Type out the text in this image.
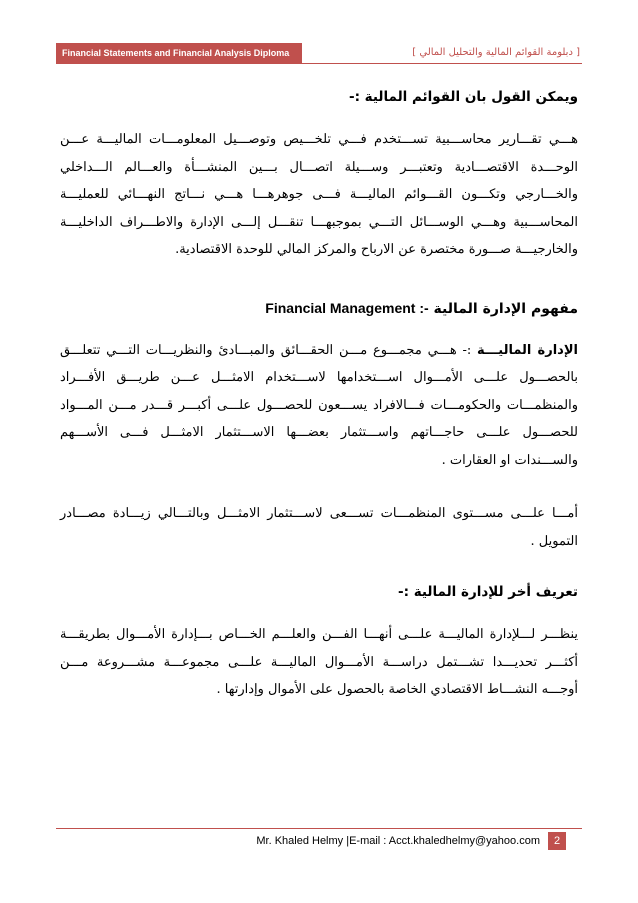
Financial Statements and Financial Analysis Diploma	[ دبلومة القوائم المالية والتحليل المالي ]
ويمكن القول بان القوائم المالية :-

هـــي تقـــارير محاســـبية تســـتخدم فـــي تلخـــيص وتوصـــيل المعلومـــات الماليـــة عـــن الوحـــدة الاقتصـــادية وتعتبـــر وســـيلة اتصـــال بـــين المنشـــأة والعـــالم الـــداخلي والخـــارجي وتكـــون القـــوائم الماليـــة فـــى جوهرهـــا هـــي نـــاتج النهـــائي للعمليـــة المحاســـبية وهـــي الوســـائل التـــي بموجبهـــا تنقـــل إلـــى الإدارة والاطـــراف الداخليـــة والخارجيـــة صـــورة مختصرة عن الارباح والمركز المالي للوحدة الاقتصادية.

مفهوم الإدارة المالية Financial Management :-

الإدارة الماليـــة :- هـــي مجمـــوع مـــن الحقـــائق والمبـــادئ والنظريـــات التـــي تتعلـــق بالحصـــول علـــى الأمـــوال اســـتخدامها لاســـتخدام الامثـــل عـــن طريـــق الأفـــراد والمنظمـــات والحكومـــات فـــالافراد يســـعون للحصـــول علـــى أكبـــر قـــدر مـــن المـــواد للحصـــول علـــى حاجـــاتهم واســـتثمار بعضـــها الاســـتثمار الامثـــل فـــى الأســـهم والســـندات او العقارات .

أمـــا علـــى مســـتوى المنظمـــات تســـعى لاســـتثمار الامثـــل وبالتـــالي زيـــادة مصـــادر التمويل .

تعريف أخر للإدارة المالية :-

ينظـــر لـــلإدارة الماليـــة علـــى أنهـــا الفـــن والعلـــم الخـــاص بـــإدارة الأمـــوال بطريقـــة أكثـــر تحديـــدا تشـــتمل دراســـة الأمـــوال الماليـــة علـــى مجموعـــة مشـــروعة مـــن أوجـــه النشـــاط الاقتصادي الخاصة بالحصول على الأموال وإدارتها .

Mr. Khaled Helmy |E-mail : Acct.khaledhelmy@yahoo.com	2
